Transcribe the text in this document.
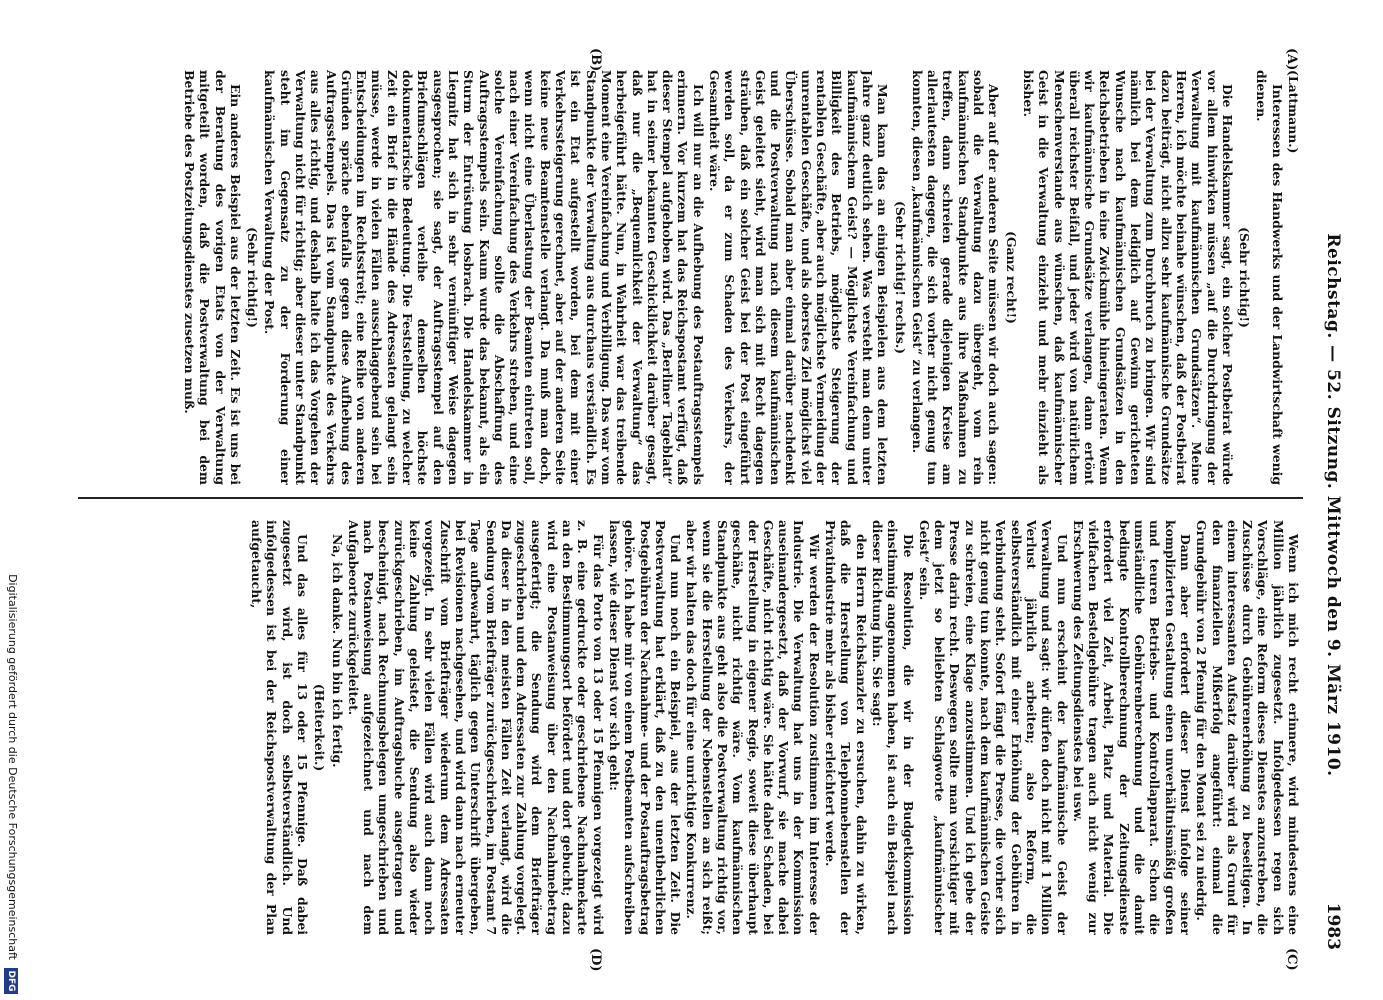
Reichstag. — 52. Sitzung. Mittwoch den 9. März 1910.
1983
(A)
(B)
(C)
(D)

(Lattmann.)

Interessen des Handwerks und der Landwirtschaft wenig dienen.

(Sehr richtig!)

Die Handelskammer sagt, ein solcher Postbeirat würde vor allem hinwirken müssen „auf die Durchdringung der Verwaltung mit kaufmännischen Grundsätzen“. Meine Herren, ich möchte beinahe wünschen, daß der Postbeirat dazu beiträgt, nicht allzu sehr kaufmännische Grundsätze bei der Verwaltung zum Durchbruch zu bringen. Wir sind nämlich bei dem lediglich auf Gewinn gerichteten Wunsche nach kaufmännischen Grundsätzen in den Reichsbetrieben in eine Zwickmühle hineingeraten. Wenn wir kaufmännische Grundsätze verlangen, dann ertönt überall reichster Beifall, und jeder wird von natürlichem Menschenverstande aus wünschen, daß kaufmännischer Geist in die Verwaltung einzieht und mehr einzieht als bisher.

(Ganz recht!)

Aber auf der anderen Seite müssen wir doch auch sagen: sobald die Verwaltung dazu übergeht, vom rein kaufmännischen Standpunkte aus ihre Maßnahmen zu treffen, dann schreien gerade diejenigen Kreise am allerlautesten dagegen, die sich vorher nicht genug tun konnten, diesen „kaufmännischen Geist“ zu verlangen.

(Sehr richtig! rechts.)

Man kann das an einigen Beispielen aus dem letzten Jahre ganz deutlich sehen. Was versteht man denn unter kaufmännischem Geist? — Möglichste Vereinfachung und Billigkeit des Betriebs, möglichste Steigerung der rentablen Geschäfte, aber auch möglichste Vermeidung der unrentablen Geschäfte, und als oberstes Ziel möglichst viel Überschüsse. Sobald man aber einmal darüber nachdenkt und die Postverwaltung nach diesem kaufmännischen Geist geleitet sieht, wird man sich mit Recht dagegen sträuben, daß ein solcher Geist bei der Post eingeführt werden soll, da er zum Schaden des Verkehrs, der Gesamtheit wäre.

Ich will nur an die Aufhebung des Postauftragsstempels erinnern. Vor kurzem hat das Reichspostamt verfügt, daß dieser Stempel aufgehoben wird. Das „Berliner Tageblatt“ hat in seiner bekannten Geschicklichkeit darüber gesagt, daß nur die „Bequemlichkeit der Verwaltung“ das herbeigeführt hätte. Nun, in Wahrheit war das treibende Moment eine Vereinfachung und Verbilligung. Das war vom Standpunkte der Verwaltung aus durchaus verständlich. Es ist ein Etat aufgestellt worden, bei dem mit einer Verkehrssteigerung gerechnet, aber auf der anderen Seite keine neue Beamtenstelle verlangt. Da muß man doch, wenn nicht eine Überlastung der Beamten eintreten soll, nach einer Vereinfachung des Verkehrs streben, und eine solche Vereinfachung sollte die Abschaffung des Auftragsstempels sein. Kaum wurde das bekannt, als ein Sturm der Entrüstung losbrach. Die Handelskammer in Liegnitz hat sich in sehr vernünftiger Weise dagegen ausgesprochen; sie sagt, der Auftragsstempel auf den Briefumschlägen verleihe demselben höchste dokumentarische Bedeutung. Die Feststellung, zu welcher Zeit ein Brief in die Hände des Adressaten gelangt sein müsse, werde in vielen Fällen ausschlaggebend sein bei Entscheidungen im Rechtsstreit; eine Reihe von anderen Gründen spräche ebenfalls gegen diese Aufhebung des Auftragsstempels. Das ist vom Standpunkte des Verkehrs aus alles richtig, und deshalb halte ich das Vorgehen der Verwaltung nicht für richtig; aber dieser unter Standpunkt steht im Gegensatz zu der Forderung einer kaufmännischen Verwaltung der Post.

(Sehr richtig!)

Ein anderes Beispiel aus der letzten Zeit. Es ist uns bei der Beratung des vorigen Etats von der Verwaltung mitgeteilt worden, daß die Postverwaltung bei dem Betriebe des Postzeitungsdienstes zusetzen muß.

Wenn ich mich recht erinnere, wird mindestens eine Million jährlich zugesetzt. Infolgedessen regen sich Vorschläge, eine Reform dieses Dienstes anzustreben, die Zuschüsse durch Gebührenerhöhung zu beseitigen. In einem interessanten Aufsatz darüber wird als Grund für den finanziellen Mißerfolg angeführt: einmal die Grundgebühr von 2 Pfennig für den Monat sei zu niedrig.

Dann aber erfordert dieser Dienst infolge seiner komplizierten Gestaltung einen unverhältnismäßig großen und teuren Betriebs- und Kontrollapparat. Schon die umständliche Gebührenberechnung und die damit bedingte Kontrollberechnung der Zeitungsdienste erfordert viel Zeit, Arbeit, Platz und Material. Die vielfachen Bestellgebühre tragen auch nicht wenig zur Erschwerung des Zeitungsdienstes bei usw.

Und nun erscheint der kaufmännische Geist der Verwaltung und sagt: wir dürfen doch nicht mit 1 Million Verlust jährlich arbeiten; also Reform, die selbstverständlich mit einer Erhöhung der Gebühren in Verbindung steht. Sofort fängt die Presse, die vorher sich nicht genug tun konnte, nach dem kaufmännischen Geiste zu schreien, eine Klage anzustimmen. Und ich gebe der Presse darin recht. Deswegen sollte man vorsichtiger mit dem jetzt so beliebten Schlagworte „kaufmännischer Geist“ sein.

Die Resolution, die wir in der Budgetkommission einstimmig angenommen haben, ist auch ein Beispiel nach dieser Richtung hin. Sie sagt:

den Herrn Reichskanzler zu ersuchen, dahin zu wirken, daß die Herstellung von Telephonnebenstellen der Privatindustrie mehr als bisher erleichtert werde.

Wir werden der Resolution zustimmen im Interesse der Industrie. Die Verwaltung hat uns in der Kommission auseinandergesetzt, daß der Vorwurf, sie mache dabei Geschäfte, nicht richtig wäre. Sie hätte dabei Schaden, bei der Herstellung in eigener Regie, soweit diese überhaupt geschähe, nicht richtig wäre. Vom kaufmännischen Standpunkte aus geht also die Postverwaltung richtig vor, wenn sie die Herstellung der Nebenstellen an sich reißt; aber wir halten das doch für eine unrichtige Konkurrenz.

Und nun noch ein Beispiel, aus der letzten Zeit. Die Postverwaltung hat erklärt, daß zu den unentbehrlichen Postgebühren der Nachnahme- und der Postauftragsbetrag gehöre. Ich habe mir von einem Postbeamten aufschreiben lassen, wie dieser Dienst vor sich geht:

Für das Porto von 13 oder 15 Pfennigen vorgezeigt wird z. B. eine gedruckte oder geschriebene Nachnahmekarte an den Bestimmungsort befördert und dort gebucht; dazu wird eine Postanweisung über den Nachnahmebetrag ausgefertigt; die Sendung wird dem Briefträger zugeschrieben und dem Adressaten zur Zahlung vorgelegt. Da dieser in den meisten Fällen Zeit verlangt, wird die Sendung vom Briefträger zurückgeschrieben, im Postamt 7 Tage aufbewahrt, täglich gegen Unterschrift übergeben, bei Revisionen nachgesehen, und wird dann nach erneuter Zuschrift vom Briefträger wiederum dem Adressaten vorgezeigt. In sehr vielen Fällen wird auch dann noch keine Zahlung geleistet, die Sendung also wieder zurückgeschrieben, im Auftragsbuche ausgetragen und bescheinigt, nach Rechnungsbelegen umgeschrieben und nach Postanweisung aufgezeichnet und nach dem Aufgabeorte zurückgeleitet.

Na, ich danke. Nun bin ich fertig.

(Heiterkeit.)

Und das alles für 13 oder 15 Pfennige. Daß dabei zugesetzt wird, ist doch selbstverständlich. Und infolgedessen ist bei der Reichspostverwaltung der Plan aufgetaucht,

Digitalisierung gefördert durch die Deutsche Forschungsgemeinschaft
DFG
